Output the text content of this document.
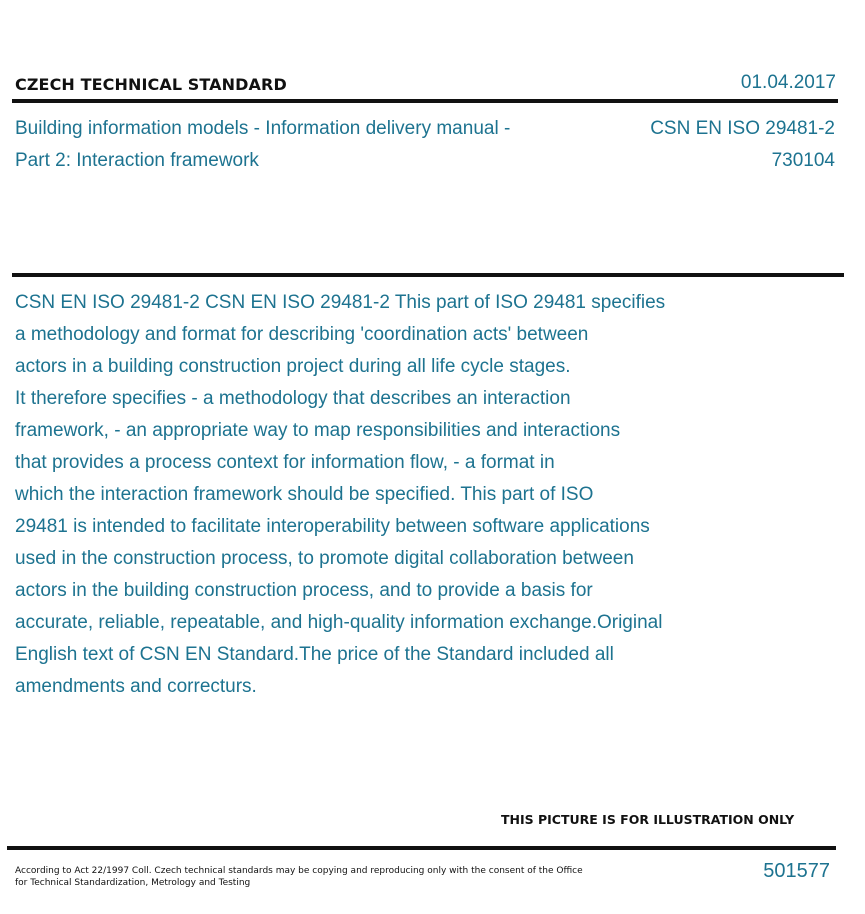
CZECH TECHNICAL STANDARD	01.04.2017
Building information models - Information delivery manual - Part 2: Interaction framework
CSN EN ISO 29481-2
730104
CSN EN ISO 29481-2 CSN EN ISO 29481-2 This part of ISO 29481 specifies
a methodology and format for describing 'coordination acts' between
actors in a building construction project during all life cycle stages.
It therefore specifies - a methodology that describes an interaction
framework, - an appropriate way to map responsibilities and interactions
that provides a process context for information flow, - a format in
which the interaction framework should be specified. This part of ISO
29481 is intended to facilitate interoperability between software applications
used in the construction process, to promote digital collaboration between
actors in the building construction process, and to provide a basis for
accurate, reliable, repeatable, and high-quality information exchange.Original
English text of CSN EN Standard.The price of the Standard included all
amendments and correcturs.
THIS PICTURE IS FOR ILLUSTRATION ONLY
According to Act 22/1997 Coll. Czech technical standards may be copying and reproducing only with the consent of the Office for Technical Standardization, Metrology and Testing
501577
